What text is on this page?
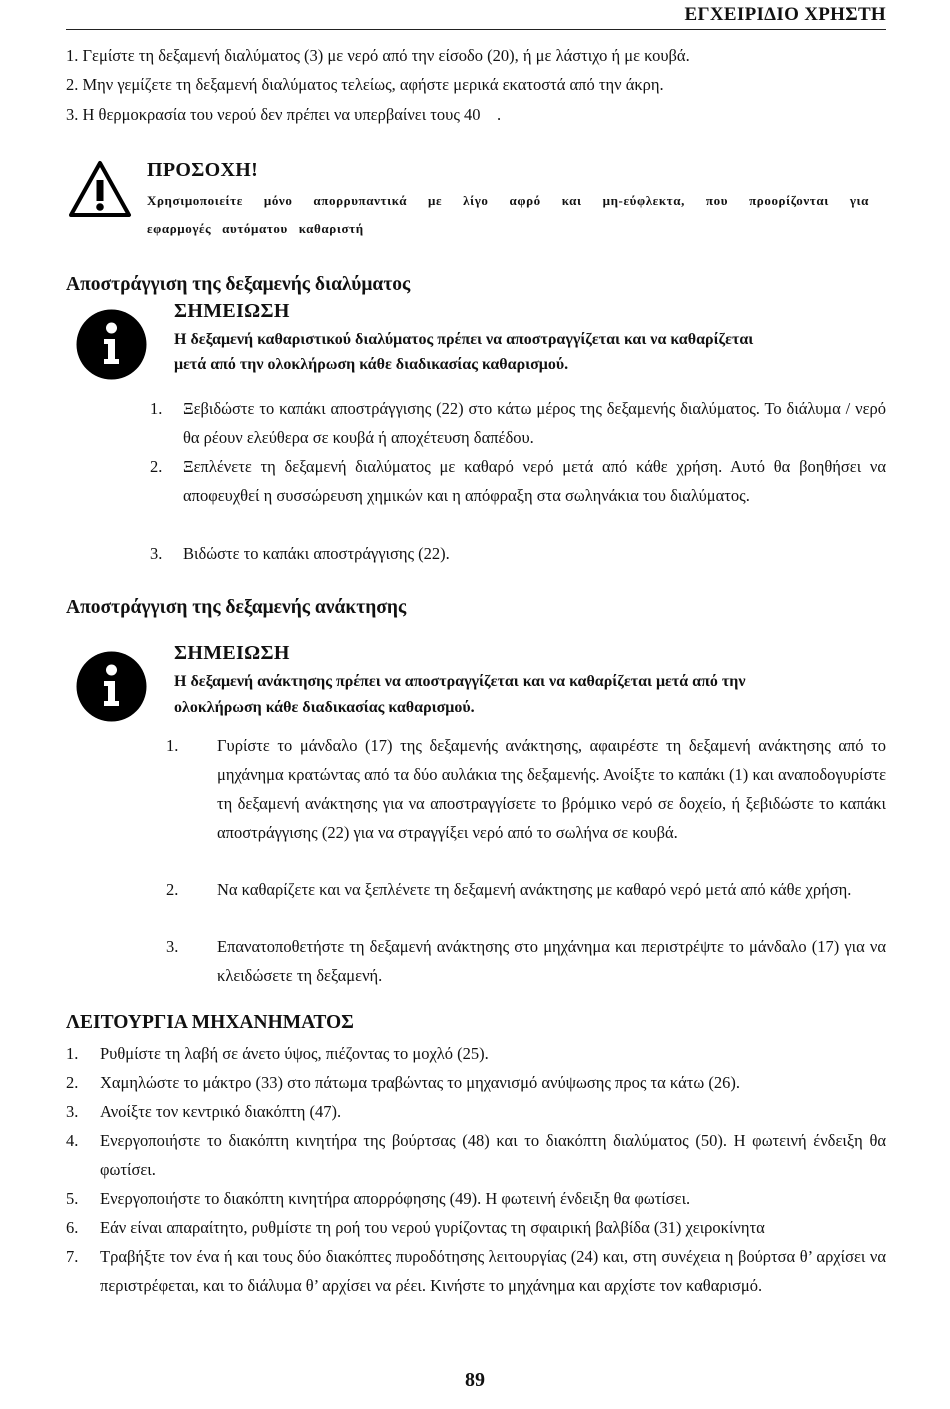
ΕΓΧΕΙΡΙΔΙΟ ΧΡΗΣΤΗ
1. Γεμίστε τη δεξαμενή διαλύματος (3) με νερό από την είσοδο (20), ή με λάστιχο ή με κουβά.
2. Μην γεμίζετε τη δεξαμενή διαλύματος τελείως, αφήστε μερικά εκατοστά από την άκρη.
3. Η θερμοκρασία του νερού δεν πρέπει να υπερβαίνει τους 40    .
ΠΡΟΣΟΧΗ!
Χρησιμοποιείτε μόνο απορρυπαντικά με λίγο αφρό και μη-εύφλεκτα, που προορίζονται για
εφαρμογές αυτόματου καθαριστή
Αποστράγγιση της δεξαμενής διαλύματος
ΣΗΜΕΙΩΣΗ
Η δεξαμενή καθαριστικού διαλύματος πρέπει να αποστραγγίζεται και να καθαρίζεται
μετά από την ολοκλήρωση κάθε διαδικασίας καθαρισμού.
1. Ξεβιδώστε το καπάκι αποστράγγισης (22) στο κάτω μέρος της δεξαμενής διαλύματος. Το διάλυμα / νερό θα ρέουν ελεύθερα σε κουβά ή αποχέτευση δαπέδου.
2. Ξεπλένετε τη δεξαμενή διαλύματος με καθαρό νερό μετά από κάθε χρήση. Αυτό θα βοηθήσει να αποφευχθεί η συσσώρευση χημικών και η απόφραξη στα σωληνάκια του διαλύματος.
3. Βιδώστε το καπάκι αποστράγγισης (22).
Αποστράγγιση της δεξαμενής ανάκτησης
ΣΗΜΕΙΩΣΗ
Η δεξαμενή ανάκτησης πρέπει να αποστραγγίζεται και να καθαρίζεται μετά από την
ολοκλήρωση κάθε διαδικασίας καθαρισμού.
1. Γυρίστε το μάνδαλο (17) της δεξαμενής ανάκτησης, αφαιρέστε τη δεξαμενή ανάκτησης από το μηχάνημα κρατώντας από τα δύο αυλάκια της δεξαμενής. Ανοίξτε το καπάκι (1) και αναποδογυρίστε τη δεξαμενή ανάκτησης για να αποστραγγίσετε το βρόμικο νερό σε δοχείο, ή ξεβιδώστε το καπάκι αποστράγγισης (22) για να στραγγίξει νερό από το σωλήνα σε κουβά.
2. Να καθαρίζετε και να ξεπλένετε τη δεξαμενή ανάκτησης με καθαρό νερό μετά από κάθε χρήση.
3. Επανατοποθετήστε τη δεξαμενή ανάκτησης στο μηχάνημα και περιστρέψτε το μάνδαλο (17) για να κλειδώσετε τη δεξαμενή.
ΛΕΙΤΟΥΡΓΙΑ ΜΗΧΑΝΗΜΑΤΟΣ
1. Ρυθμίστε τη λαβή σε άνετο ύψος, πιέζοντας το μοχλό (25).
2. Χαμηλώστε το μάκτρο (33) στο πάτωμα τραβώντας το μηχανισμό ανύψωσης προς τα κάτω (26).
3. Ανοίξτε τον κεντρικό διακόπτη (47).
4. Ενεργοποιήστε το διακόπτη κινητήρα της βούρτσας (48) και το διακόπτη διαλύματος (50). Η φωτεινή ένδειξη θα φωτίσει.
5. Ενεργοποιήστε το διακόπτη κινητήρα απορρόφησης (49). Η φωτεινή ένδειξη θα φωτίσει.
6. Εάν είναι απαραίτητο, ρυθμίστε τη ροή του νερού γυρίζοντας τη σφαιρική βαλβίδα (31) χειροκίνητα
7. Τραβήξτε τον ένα ή και τους δύο διακόπτες πυροδότησης λειτουργίας (24) και, στη συνέχεια η βούρτσα θ’ αρχίσει να περιστρέφεται, και το διάλυμα θ’ αρχίσει να ρέει. Κινήστε το μηχάνημα και αρχίστε τον καθαρισμό.
89
